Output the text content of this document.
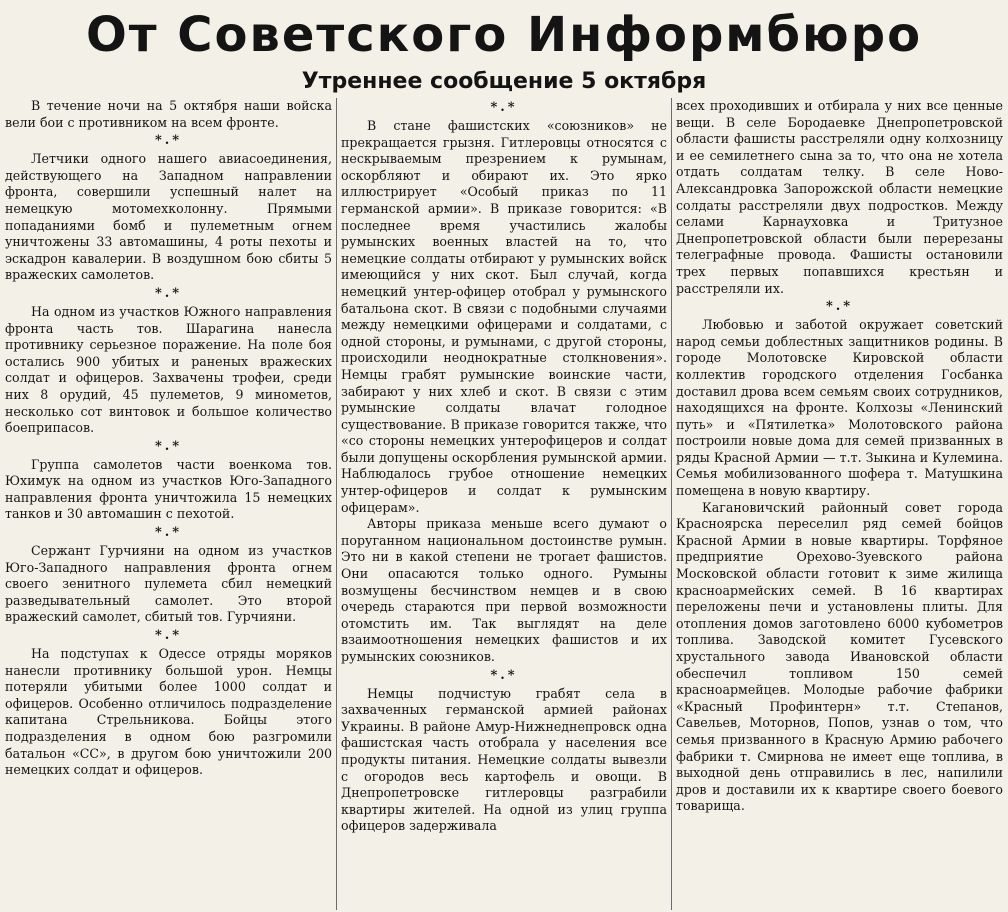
От Советского Информбюро
Утреннее сообщение 5 октября

В течение ночи на 5 октября наши войска вели бои с противником на всем фронте.

*.*

Летчики одного нашего авиасоединения, действующего на Западном направлении фронта, совершили успешный налет на немецкую мотомехколонну. Прямыми попаданиями бомб и пулеметным огнем уничтожены 33 автомашины, 4 роты пехоты и эскадрон кавалерии. В воздушном бою сбиты 5 вражеских самолетов.

*.*

На одном из участков Южного направления фронта часть тов. Шарагина нанесла противнику серьезное поражение. На поле боя остались 900 убитых и раненых вражеских солдат и офицеров. Захвачены трофеи, среди них 8 орудий, 45 пулеметов, 9 минометов, несколько сот винтовок и большое количество боеприпасов.

*.*

Группа самолетов части военкома тов. Юхимук на одном из участков Юго-Западного направления фронта уничтожила 15 немецких танков и 30 автомашин с пехотой.

*.*

Сержант Гурчияни на одном из участков Юго-Западного направления фронта огнем своего зенитного пулемета сбил немецкий разведывательный самолет. Это второй вражеский самолет, сбитый тов. Гурчияни.

*.*

На подступах к Одессе отряды моряков нанесли противнику большой урон. Немцы потеряли убитыми более 1000 солдат и офицеров. Особенно отличилось подразделение капитана Стрельникова. Бойцы этого подразделения в одном бою разгромили батальон «СС», в другом бою уничтожили 200 немецких солдат и офицеров.

*.*

В стане фашистских «союзников» не прекращается грызня. Гитлеровцы относятся с нескрываемым презрением к румынам, оскорбляют и обирают их. Это ярко иллюстрирует «Особый приказ по 11 германской армии». В приказе говорится: «В последнее время участились жалобы румынских военных властей на то, что немецкие солдаты отбирают у румынских войск имеющийся у них скот. Был случай, когда немецкий унтер-офицер отобрал у румынского батальона скот. В связи с подобными случаями между немецкими офицерами и солдатами, с одной стороны, и румынами, с другой стороны, происходили неоднократные столкновения». Немцы грабят румынские воинские части, забирают у них хлеб и скот. В связи с этим румынские солдаты влачат голодное существование. В приказе говорится также, что «со стороны немецких унтерофицеров и солдат были допущены оскорбления румынской армии. Наблюдалось грубое отношение немецких унтер-офицеров и солдат к румынским офицерам».

Авторы приказа меньше всего думают о поруганном национальном достоинстве румын. Это ни в какой степени не трогает фашистов. Они опасаются только одного. Румыны возмущены бесчинством немцев и в свою очередь стараются при первой возможности отомстить им. Так выглядят на деле взаимоотношения немецких фашистов и их румынских союзников.

*.*

Немцы подчистую грабят села в захваченных германской армией районах Украины. В районе Амур-Нижнеднепровск одна фашистская часть отобрала у населения все продукты питания. Немецкие солдаты вывезли с огородов весь картофель и овощи. В Днепропетровске гитлеровцы разграбили квартиры жителей. На одной из улиц группа офицеров задерживала

всех проходивших и отбирала у них все ценные вещи. В селе Бородаевке Днепропетровской области фашисты расстреляли одну колхозницу и ее семилетнего сына за то, что она не хотела отдать солдатам телку. В селе Ново-Александровка Запорожской области немецкие солдаты расстреляли двух подростков. Между селами Карнауховка и Тритузное Днепропетровской области были перерезаны телеграфные провода. Фашисты остановили трех первых попавшихся крестьян и расстреляли их.

*.*

Любовью и заботой окружает советский народ семьи доблестных защитников родины. В городе Молотовске Кировской области коллектив городского отделения Госбанка доставил дрова всем семьям своих сотрудников, находящихся на фронте. Колхозы «Ленинский путь» и «Пятилетка» Молотовского района построили новые дома для семей призванных в ряды Красной Армии — т.т. Зыкина и Кулемина. Семья мобилизованного шофера т. Матушкина помещена в новую квартиру.

Кагановичский районный совет города Красноярска переселил ряд семей бойцов Красной Армии в новые квартиры. Торфяное предприятие Орехово-Зуевского района Московской области готовит к зиме жилища красноармейских семей. В 16 квартирах переложены печи и установлены плиты. Для отопления домов заготовлено 6000 кубометров топлива. Заводской комитет Гусевского хрустального завода Ивановской области обеспечил топливом 150 семей красноармейцев. Молодые рабочие фабрики «Красный Профинтерн» т.т. Степанов, Савельев, Моторнов, Попов, узнав о том, что семья призванного в Красную Армию рабочего фабрики т. Смирнова не имеет еще топлива, в выходной день отправились в лес, напилили дров и доставили их к квартире своего боевого товарища.
